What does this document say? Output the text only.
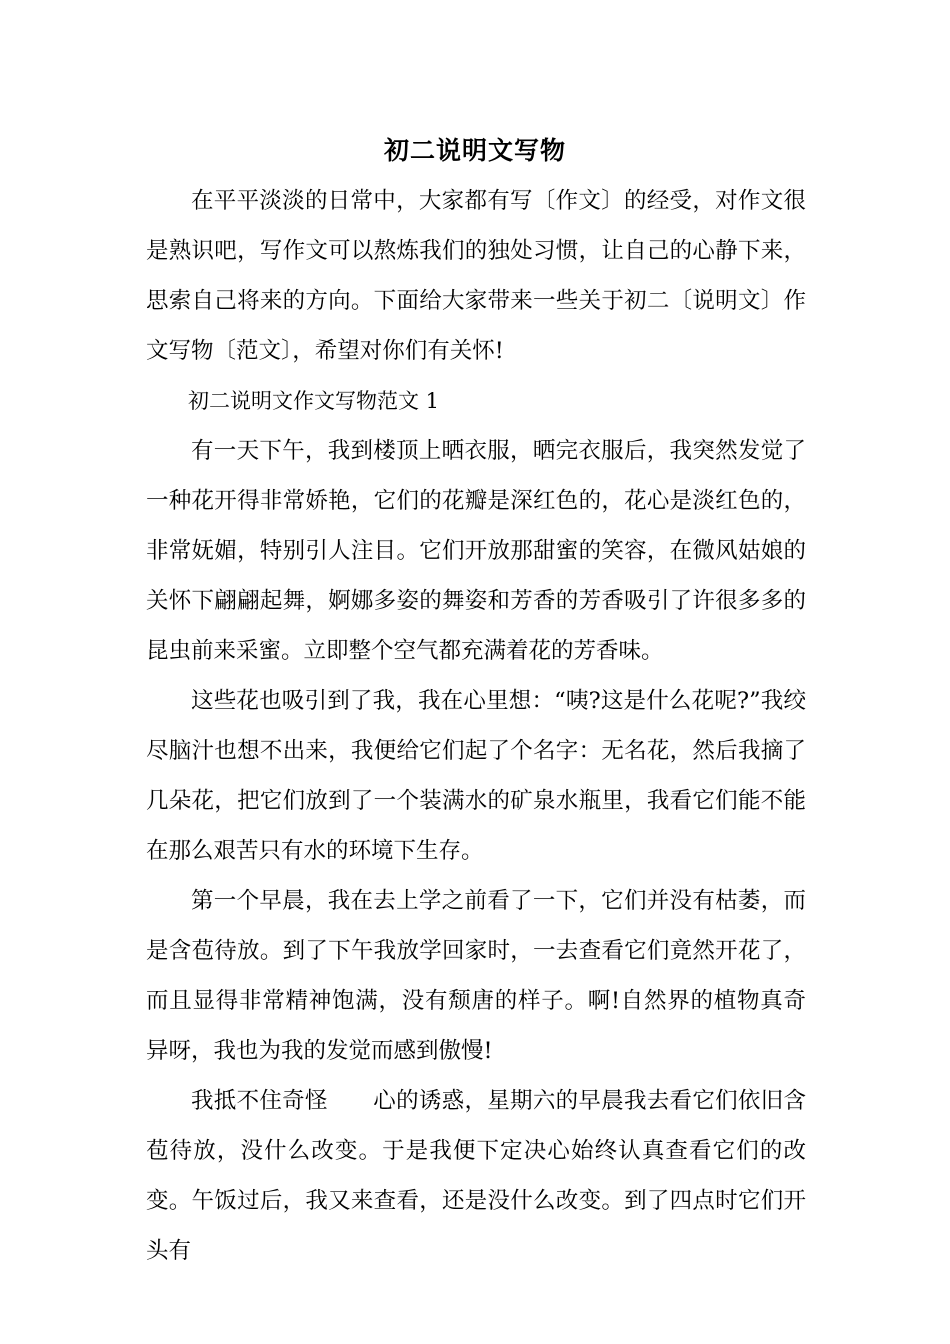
初二说明文写物

在平平淡淡的日常中，大家都有写〔作文〕的经受，对作文很是熟识吧，写作文可以熬炼我们的独处习惯，让自己的心静下来，思索自己将来的方向。下面给大家带来一些关于初二〔说明文〕作文写物〔范文〕，希望对你们有关怀!

初二说明文作文写物范文 1

有一天下午，我到楼顶上晒衣服，晒完衣服后，我突然发觉了一种花开得非常娇艳，它们的花瓣是深红色的，花心是淡红色的，非常妩媚，特别引人注目。它们开放那甜蜜的笑容，在微风姑娘的关怀下翩翩起舞，婀娜多姿的舞姿和芳香的芳香吸引了许很多多的昆虫前来采蜜。立即整个空气都充满着花的芳香味。

这些花也吸引到了我，我在心里想：“咦?这是什么花呢?”我绞尽脑汁也想不出来，我便给它们起了个名字：无名花，然后我摘了几朵花，把它们放到了一个装满水的矿泉水瓶里，我看它们能不能在那么艰苦只有水的环境下生存。

第一个早晨，我在去上学之前看了一下，它们并没有枯萎，而是含苞待放。到了下午我放学回家时，一去查看它们竟然开花了，而且显得非常精神饱满，没有颓唐的样子。啊!自然界的植物真奇异呀，我也为我的发觉而感到傲慢!

我抵不住奇怪　　心的诱惑，星期六的早晨我去看它们依旧含苞待放，没什么改变。于是我便下定决心始终认真查看它们的改变。午饭过后，我又来查看，还是没什么改变。到了四点时它们开头有
